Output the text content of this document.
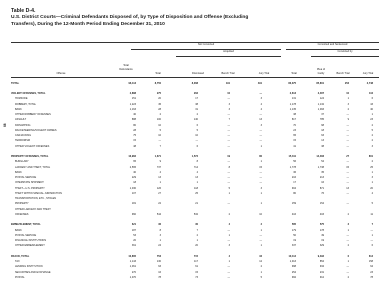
Table D-4.
U.S. District Courts—Criminal Defendants Disposed of, by Type of Disposition and Offense (Excluding
Transfers), During the 12-Month Period Ending December 31, 2010
68
Not Convicted	Convicted and Sentenced
Acquitted	Convicted by
Total
Defendants
Offense	Total	Dismissed	Bench Trial	Jury Trial	Total
Plea of
Guilty	Bench Trial	Jury Trial
TOTAL	96,113	8,750	8,068	191	491	86,375	85,801	253	2,748
VIOLENT OFFENSES, TOTAL	2,888	275	262	10	—	2,613	2,487	10	116
HOMICIDE	151	20	17	—	3	131	124	1	6
ROBBERY, TOTAL	1,223	45	38	3	4	1,178	1,132	3	43
BANK	1,163	28	31	3	4	1,135	1,093	2	40
OTHER ROBBERY OFFENSES	40	2	2	—	—	38	37	—	1
ASSAULT	888	100	140	7	13	817	785	9	23
KIDNAPPING	80	10	6	—	3	70	68	—	2
RACKETEERING/VIOLENT CRIMES	28	5	5	—	—	23	18	—	5
CARJACKING	75	10	10	—	—	65	63	—	2
TERRORISM	15	—	—	—	—	15	13	—	2
OTHER VIOLENT OFFENSES	48	7	6	—	1	41	38	—	3
PROPERTY OFFENSES, TOTAL	16,982	1,671	1,572	19	80	15,311	14,483	27	801
BURGLARY	65	9	8	—	1	56	54	—	2
LARCENY AND THEFT, TOTAL	2,565	737	714	8	15	1,778	1,738	15	25
BANK	40	4	4	—	—	36	35	—	1
POSTAL SERVICE	229	13	13	—	—	216	213	—	3
INTERSTATE SHIPMENT	18	1	1	—	—	17	16	—	1
THEFT—U.S. PROPERTY	1,030	126	118	5	3	904	871	13	20
THEFT WITHIN SPECIAL JURISDICTION	107	27	25	1	1	80	76	—	4
TRANSPORTATION, ETC., STOLEN
PROPERTY	181	22	21	—	1	159	154	—	5
OTHER LARCENY AND THEFT
OFFENSES	960	544	532	2	10	416	403	2	11
EMBEZZLEMENT, TOTAL	621	36	30	4	2	585	575	3	7
BANK	187	8	7	—	1	179	178	1	—
POSTAL SERVICE	53	3	2	1	—	50	49	—	1
FINANCIAL INSTITUTIONS	20	1	1	—	—	19	19	—	—
OTHER EMBEZZLEMENT	361	24	20	3	1	337	329	2	6
FRAUD, TOTAL	10,865	753	715	4	34	10,112	9,492	6	614
TAX	1,143	130	117	1	12	1,013	854	1	158
LENDING INSTITUTION	1,061	63	61	—	2	998	934	—	64
SECURITIES AND EXCHANGE	270	16	15	—	1	254	231	—	23
POSTAL	1,070	78	73	—	5	992	912	2	78
